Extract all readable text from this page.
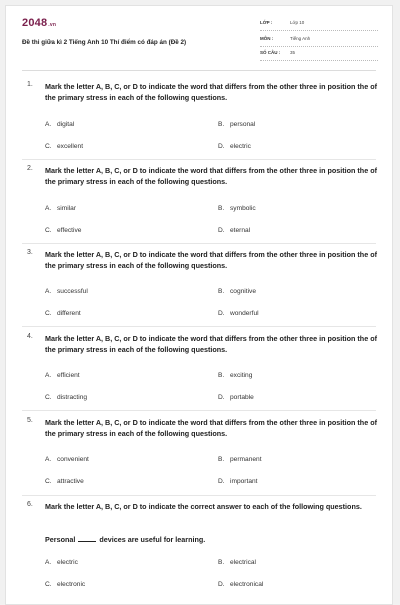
2048.vn
Đề thi giữa kì 2 Tiếng Anh 10 Thí điểm có đáp án (Đề 2)
LỚP :	Lớp 10
MÔN :	Tiếng Anh
SỐ CÂU : 35
1. Mark the letter A, B, C, or D to indicate the word that differs from the other three in position the of the primary stress in each of the following questions.
A. digital	B. personal
C. excellent	D. electric
2. Mark the letter A, B, C, or D to indicate the word that differs from the other three in position the of the primary stress in each of the following questions.
A. similar	B. symbolic
C. effective	D. eternal
3. Mark the letter A, B, C, or D to indicate the word that differs from the other three in position the of the primary stress in each of the following questions.
A. successful	B. cognitive
C. different	D. wonderful
4. Mark the letter A, B, C, or D to indicate the word that differs from the other three in position the of the primary stress in each of the following questions.
A. efficient	B. exciting
C. distracting	D. portable
5. Mark the letter A, B, C, or D to indicate the word that differs from the other three in position the of the primary stress in each of the following questions.
A. convenient	B. permanent
C. attractive	D. important
6. Mark the letter A, B, C, or D to indicate the correct answer to each of the following questions.
Personal	devices are useful for learning.
A. electric	B. electrical
C. electronic	D. electronical
